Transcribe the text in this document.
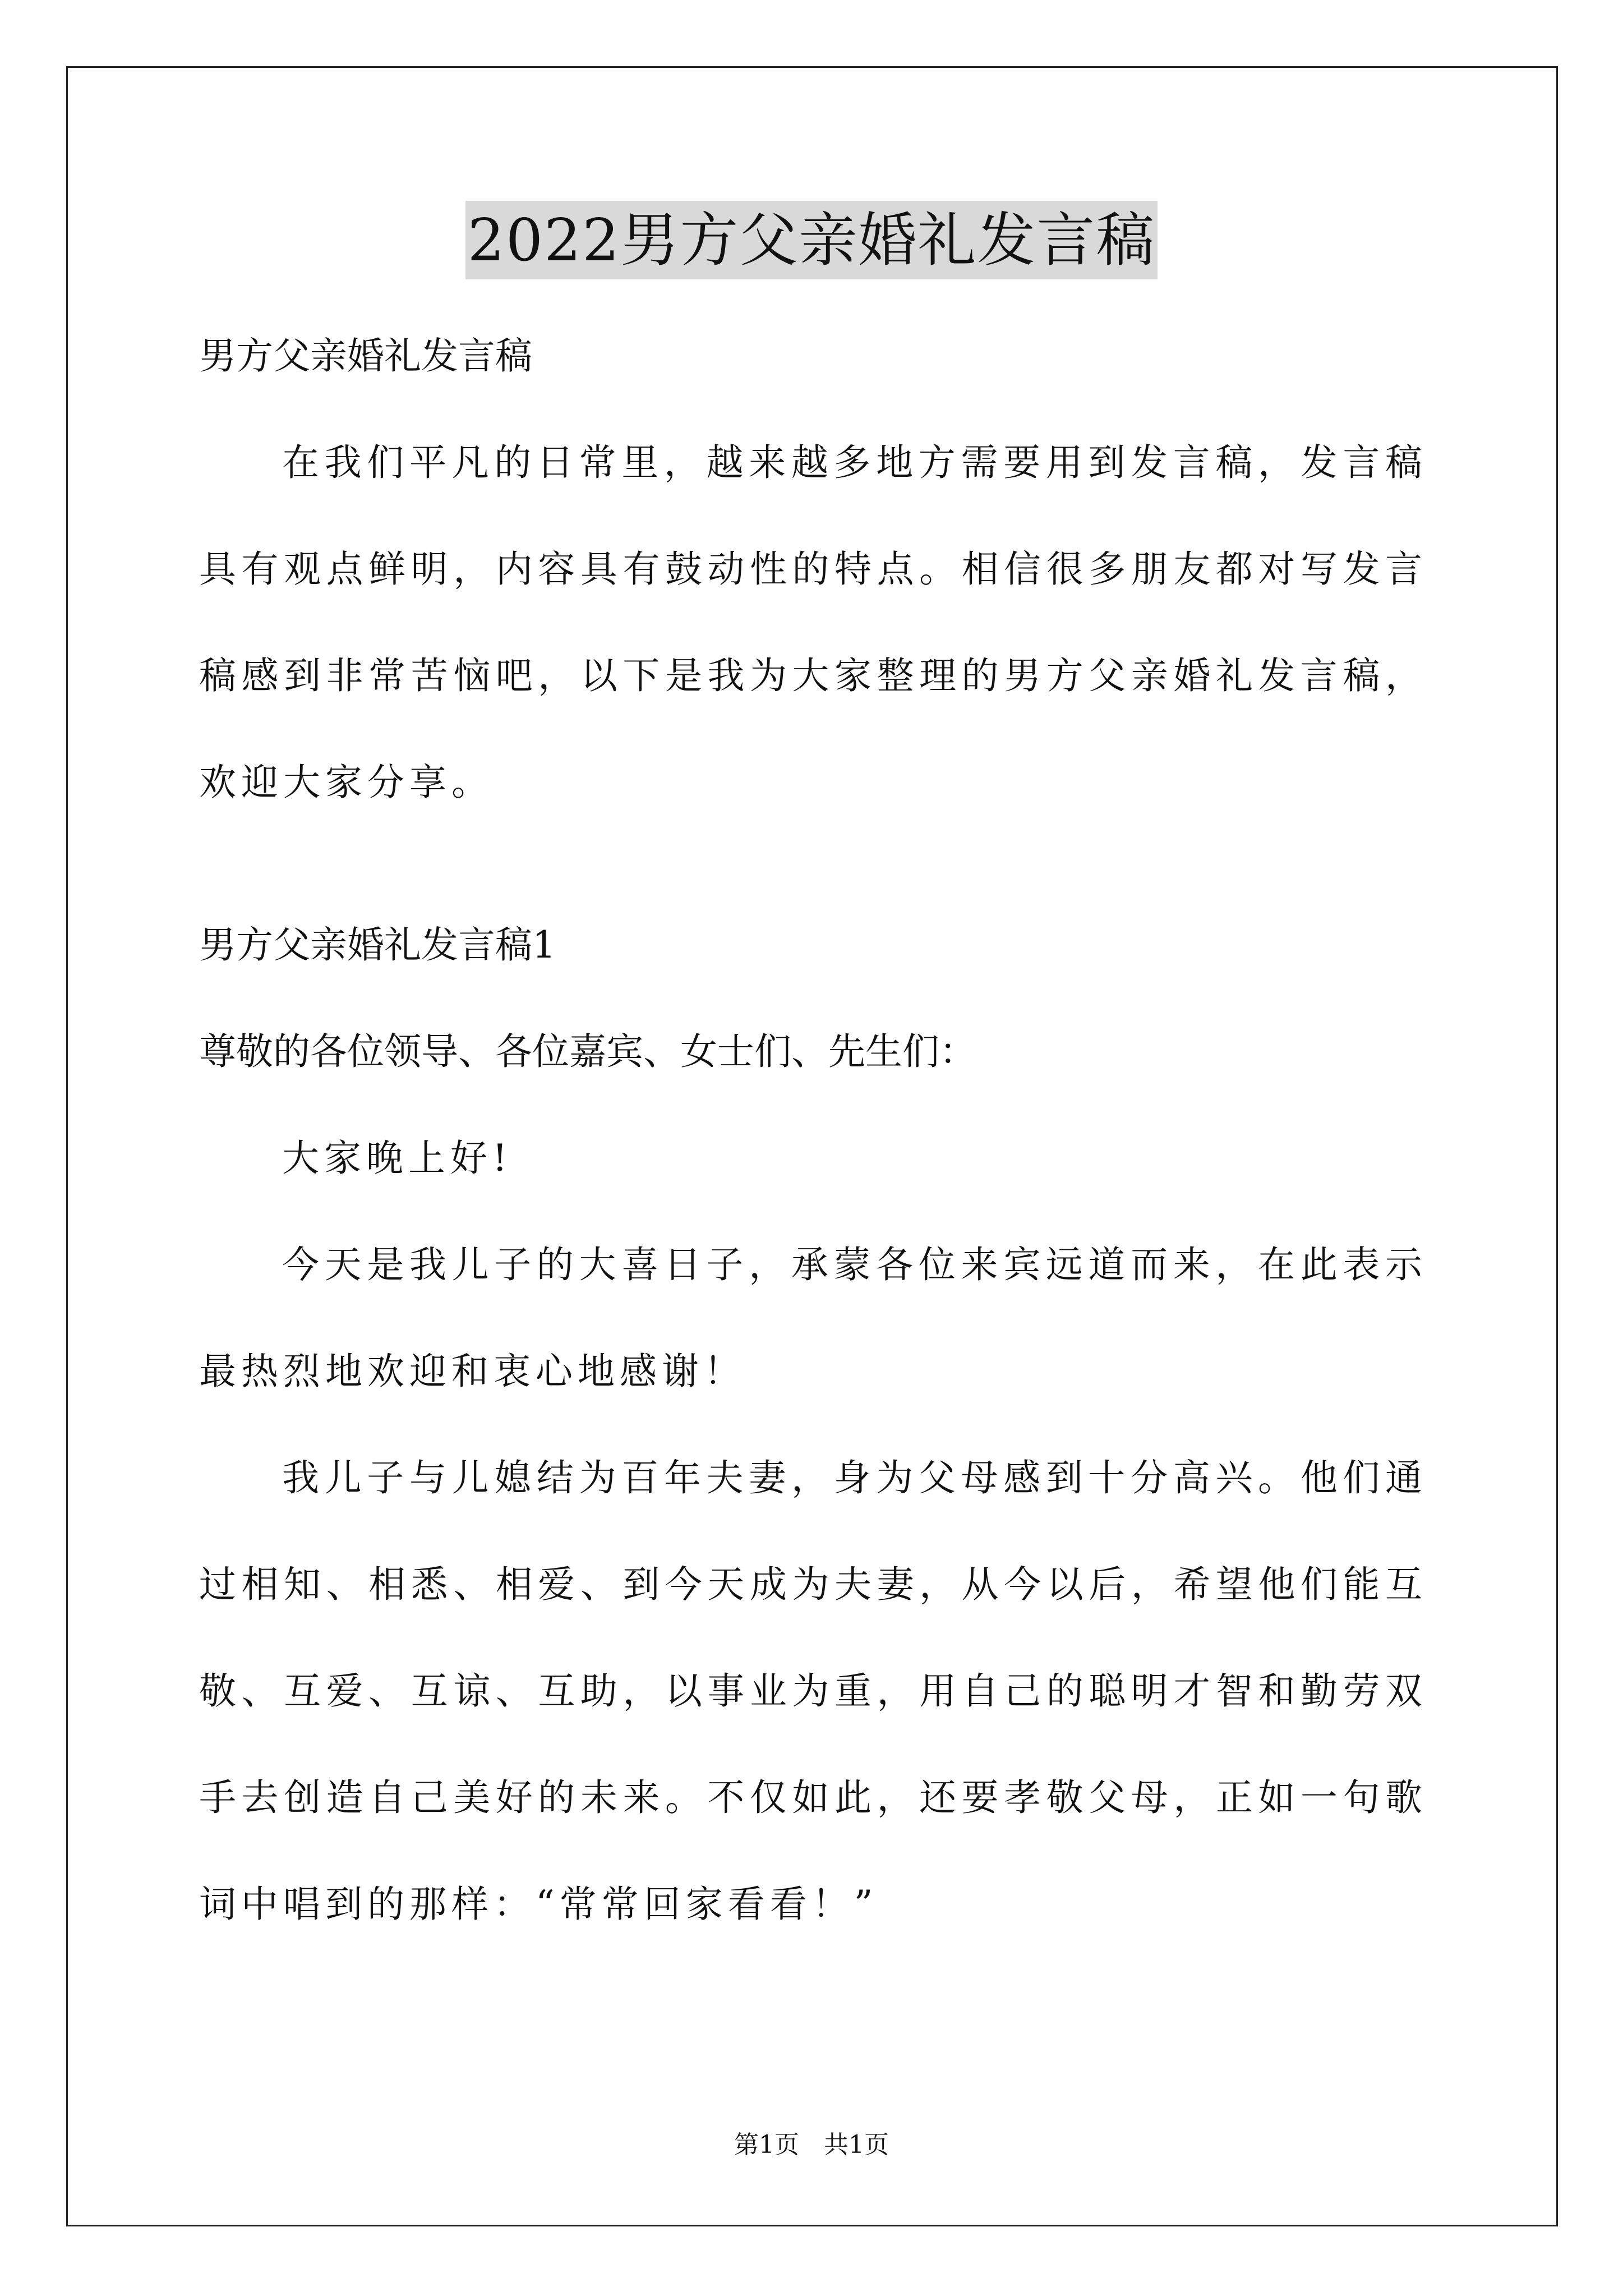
2022男方父亲婚礼发言稿

男方父亲婚礼发言稿

在我们平凡的日常里，越来越多地方需要用到发言稿，发言稿具有观点鲜明，内容具有鼓动性的特点。相信很多朋友都对写发言稿感到非常苦恼吧，以下是我为大家整理的男方父亲婚礼发言稿，欢迎大家分享。

男方父亲婚礼发言稿1

尊敬的各位领导、各位嘉宾、女士们、先生们：

大家晚上好!

今天是我儿子的大喜日子，承蒙各位来宾远道而来，在此表示最热烈地欢迎和衷心地感谢！

我儿子与儿媳结为百年夫妻，身为父母感到十分高兴。他们通过相知、相悉、相爱、到今天成为夫妻，从今以后，希望他们能互敬、互爱、互谅、互助，以事业为重，用自己的聪明才智和勤劳双手去创造自己美好的未来。不仅如此，还要孝敬父母，正如一句歌词中唱到的那样：“常常回家看看！”

第1页　共1页
